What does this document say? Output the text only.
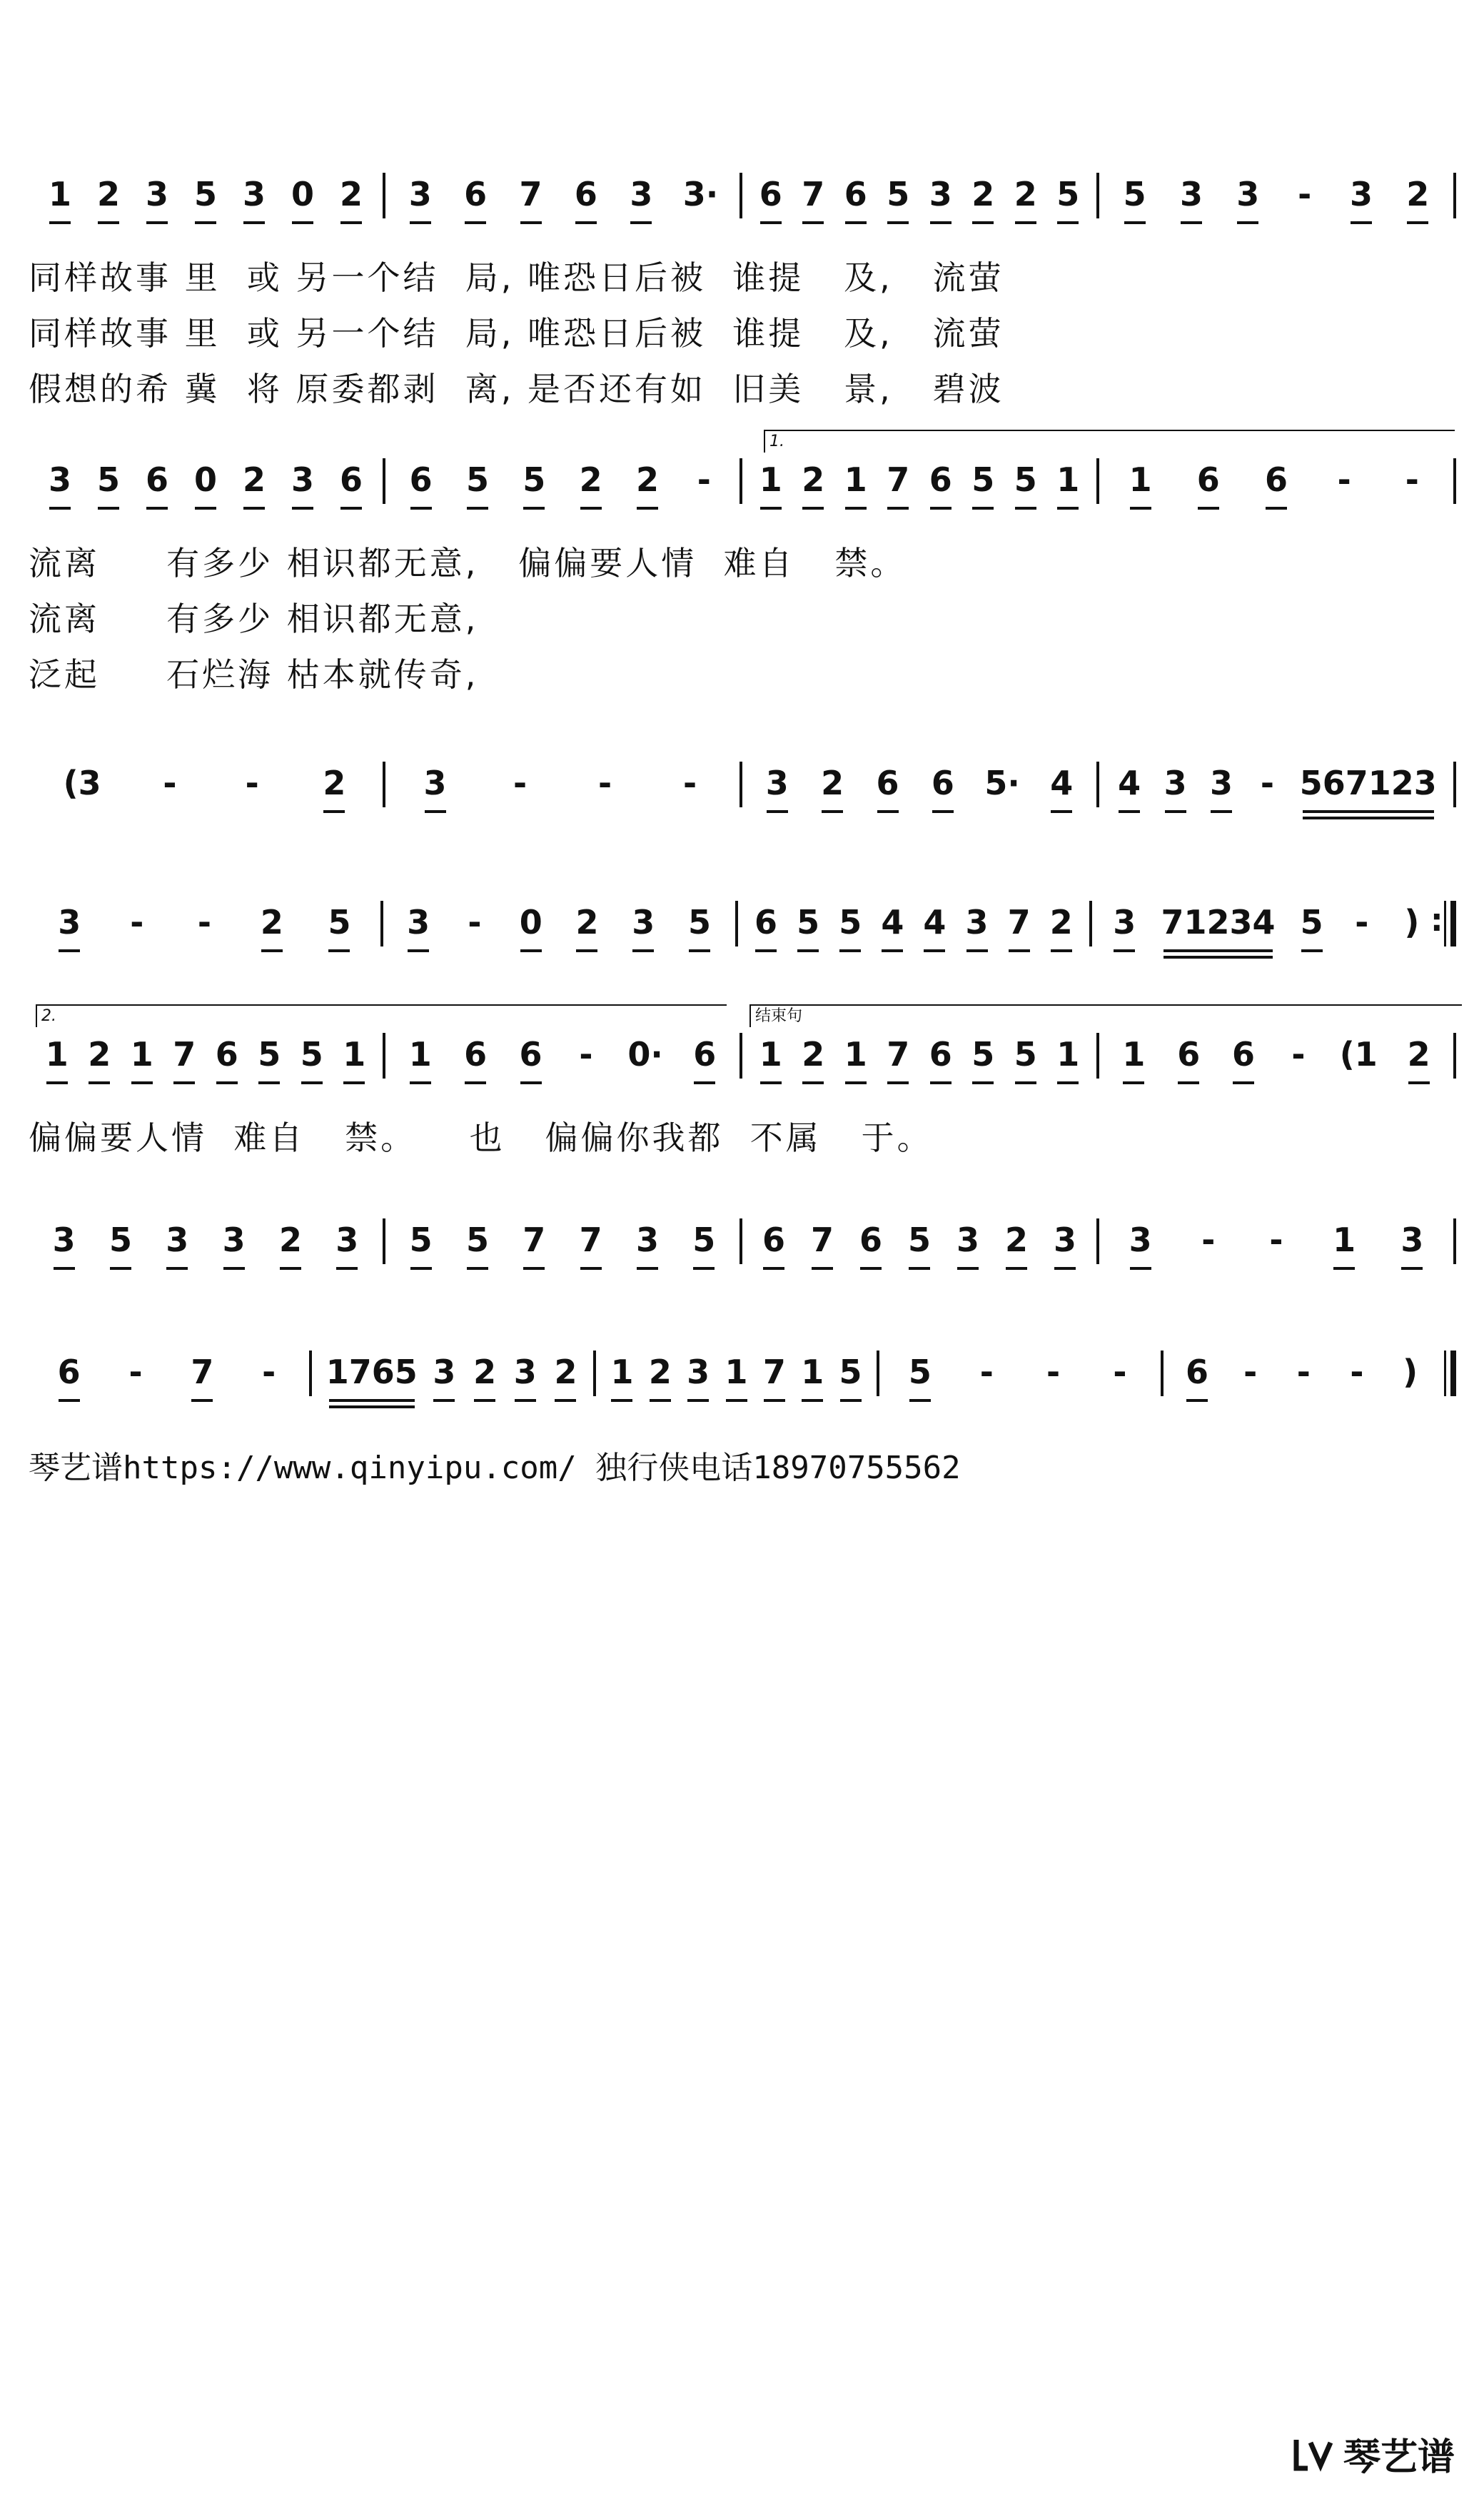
1 2 3 5 3 0 2 3 6 7 6 3 3· 6 7 6 5 3 2 2 5 5 3 3 - 3 2
同样故事 里  或 另一个结  局, 唯恐日后被  谁提   及,   流萤
同样故事 里  或 另一个结  局, 唯恐日后被  谁提   及,   流萤
假想的希 冀  将 原委都剥  离, 是否还有如  旧美   景,   碧波
1.
3 5 6 0 2 3 6 6 5 5 2 2 - 1 2 1 7 6 5 5 1 1 6 6 - -
流离     有多少 相识都无意,   偏偏要人情  难自   禁。
流离     有多少 相识都无意,
泛起     石烂海 枯本就传奇,
(3 - - 2 3 - - - 3 2 6 6 5· 4 4 3 3 - 567123
3 - - 2 5 3 - 0 2 3 5 6 5 5 4 4 3 7 2 3 71234 5 - )
:
2.	结束句
1 2 1 7 6 5 5 1 1 6 6 - 0· 6 1 2 1 7 6 5 5 1 1 6 6 - (1 2
偏偏要人情  难自   禁。    也   偏偏你我都  不属   于。
3 5 3 3 2 3 5 5 7 7 3 5 6 7 6 5 3 2 3 3 - - 1 3
6 - 7 - 1765 3 2 3 2 1 2 3 1 7 1 5 5 - - - 6 - - - )
琴艺谱https://www.qinyipu.com/ 独行侠电话18970755562
琴艺谱
